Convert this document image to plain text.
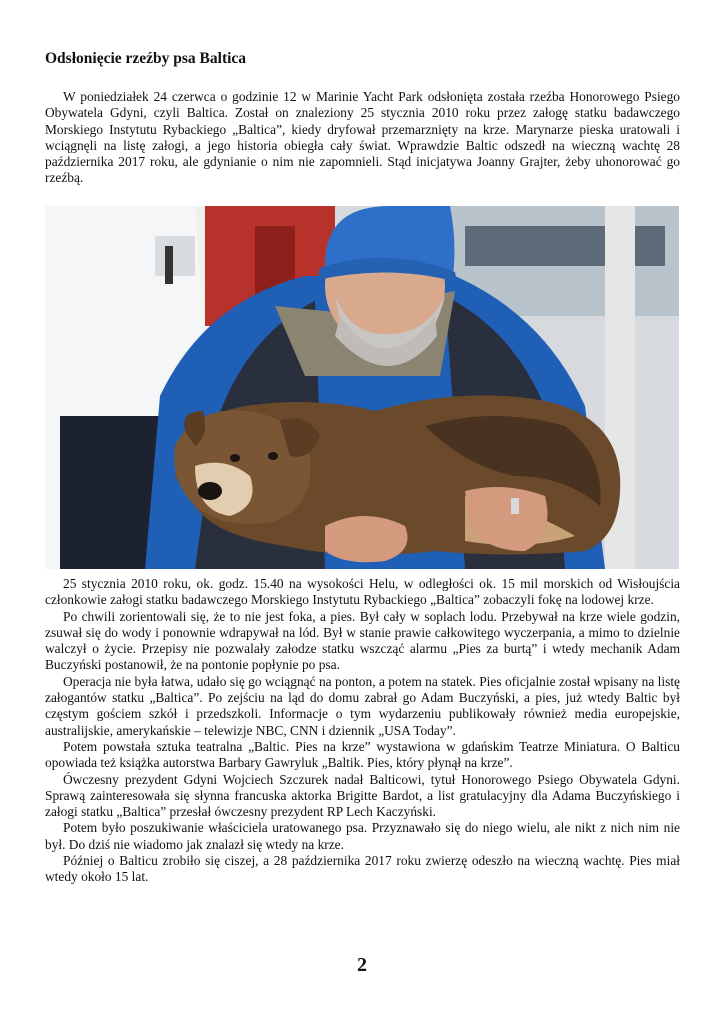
Odsłonięcie rzeźby psa Baltica

W poniedziałek 24 czerwca o godzinie 12 w Marinie Yacht Park odsłonięta została rzeźba Honorowego Psiego Obywatela Gdyni, czyli Baltica. Został on znaleziony 25 stycznia 2010 roku przez załogę statku badawczego Morskiego Instytutu Rybackiego „Baltica”, kiedy dryfował przemarznięty na krze. Marynarze pieska uratowali i wciągnęli na listę załogi, a jego historia obiegła cały świat. Wprawdzie Baltic odszedł na wieczną wachtę 28 października 2017 roku, ale gdynianie o nim nie zapomnieli. Stąd inicjatywa Joanny Grajter, żeby uhonorować go rzeźbą.

25 stycznia 2010 roku, ok. godz. 15.40 na wysokości Helu, w odległości ok. 15 mil morskich od Wisłoujścia członkowie załogi statku badawczego Morskiego Instytutu Rybackiego „Baltica” zobaczyli fokę na lodowej krze.

Po chwili zorientowali się, że to nie jest foka, a pies. Był cały w soplach lodu. Przebywał na krze wiele godzin, zsuwał się do wody i ponownie wdrapywał na lód. Był w stanie prawie całkowitego wyczerpania, a mimo to dzielnie walczył o życie. Przepisy nie pozwalały załodze statku wszcząć alarmu „Pies za burtą” i wtedy mechanik Adam Buczyński postanowił, że na pontonie popłynie po psa.

Operacja nie była łatwa, udało się go wciągnąć na ponton, a potem na statek. Pies oficjalnie został wpisany na listę załogantów statku „Baltica”. Po zejściu na ląd do domu zabrał go Adam Buczyński, a pies, już wtedy Baltic był częstym gościem szkół i przedszkoli. Informacje o tym wydarzeniu publikowały również media europejskie, australijskie, amerykańskie – telewizje NBC, CNN i dziennik „USA Today”.

Potem powstała sztuka teatralna „Baltic. Pies na krze” wystawiona w gdańskim Teatrze Miniatura. O Balticu opowiada też książka autorstwa Barbary Gawryluk „Baltik. Pies, który płynął na krze”.

Ówczesny prezydent Gdyni Wojciech Szczurek nadał Balticowi, tytuł Honorowego Psiego Obywatela Gdyni. Sprawą zainteresowała się słynna francuska aktorka Brigitte Bardot, a list gratulacyjny dla Adama Buczyńskiego i załogi statku „Baltica” przesłał ówczesny prezydent RP Lech Kaczyński.

Potem było poszukiwanie właściciela uratowanego psa. Przyznawało się do niego wielu, ale nikt z nich nim nie był. Do dziś nie wiadomo jak znalazł się wtedy na krze.

Później o Balticu zrobiło się ciszej, a 28 października 2017 roku zwierzę odeszło na wieczną wachtę. Pies miał wtedy około 15 lat.

2
